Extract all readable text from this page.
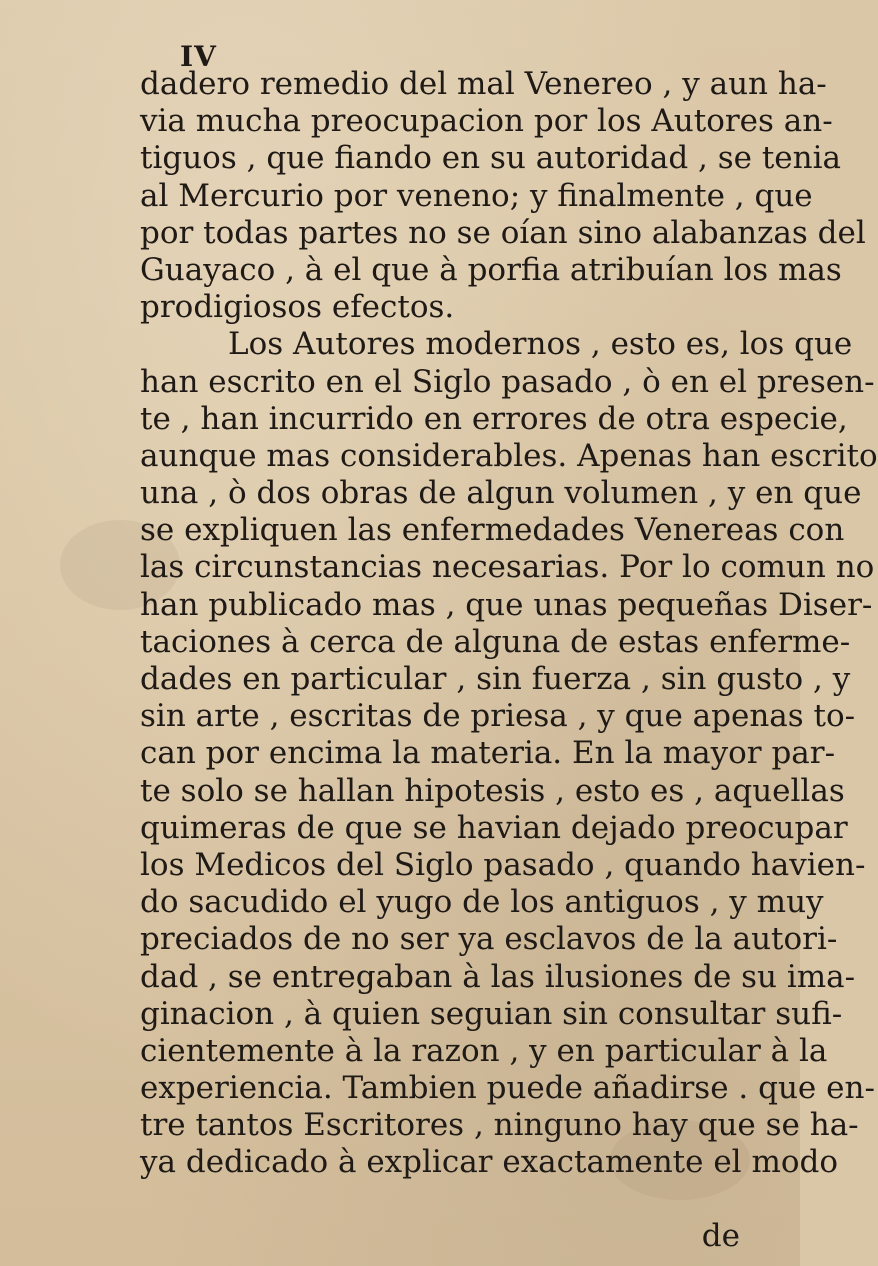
IV
dadero remedio del mal Venereo , y aun ha-
via mucha preocupacion por los Autores an-
tiguos , que fiando en su autoridad , se tenia
al Mercurio por veneno; y finalmente , que
por todas partes no se oían sino alabanzas del
Guayaco , à el que à porfia atribuían los mas
prodigiosos efectos.
Los Autores modernos , esto es, los que
han escrito en el Siglo pasado , ò en el presen-
te , han incurrido en errores de otra especie,
aunque mas considerables. Apenas han escrito
una , ò dos obras de algun volumen , y en que
se expliquen las enfermedades Venereas con
las circunstancias necesarias. Por lo comun no
han publicado mas , que unas pequeñas Diser-
taciones à cerca de alguna de estas enferme-
dades en particular , sin fuerza , sin gusto , y
sin arte , escritas de priesa , y que apenas to-
can por encima la materia. En la mayor par-
te solo se hallan hipotesis , esto es , aquellas
quimeras de que se havian dejado preocupar
los Medicos del Siglo pasado , quando havien-
do sacudido el yugo de los antiguos , y muy
preciados de no ser ya esclavos de la autori-
dad , se entregaban à las ilusiones de su ima-
ginacion , à quien seguian sin consultar sufi-
cientemente à la razon , y en particular à la
experiencia. Tambien puede añadirse . que en-
tre tantos Escritores , ninguno hay que se ha-
ya dedicado à explicar exactamente el modo
de
